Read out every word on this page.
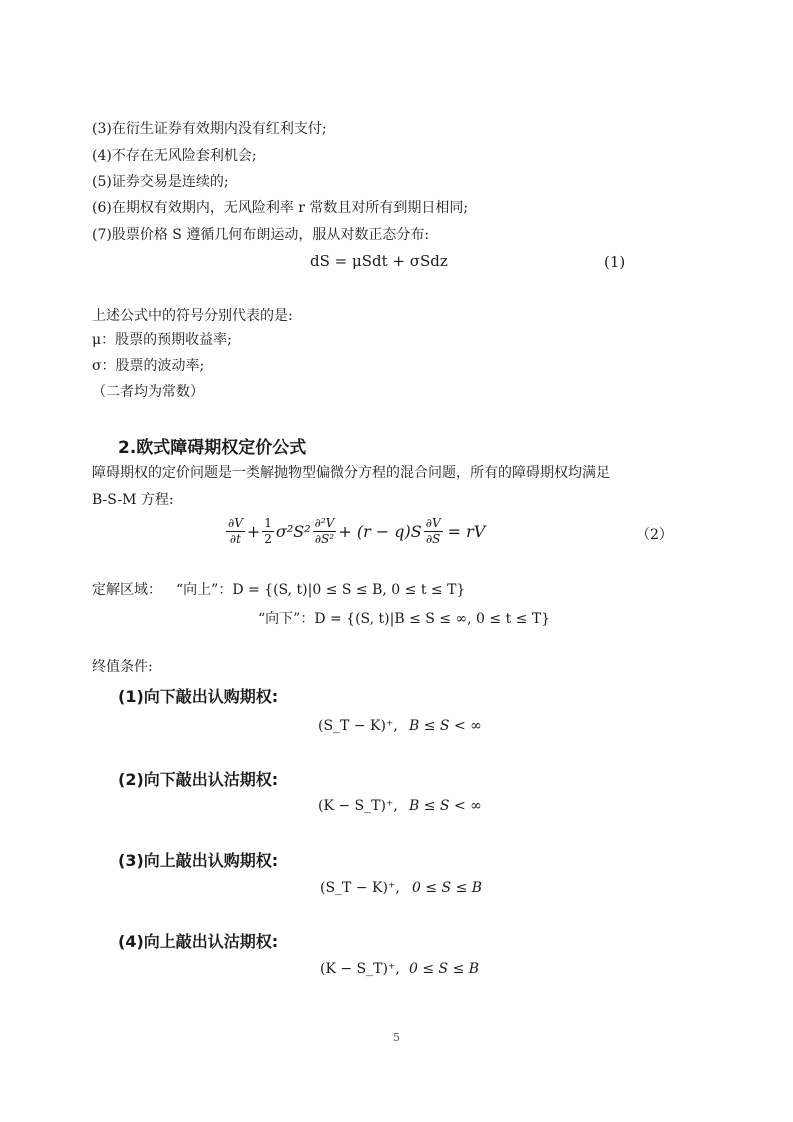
(3)在衍生证券有效期内没有红利支付;
(4)不存在无风险套利机会;
(5)证券交易是连续的;
(6)在期权有效期内，无风险利率 r 常数且对所有到期日相同;
(7)股票价格 S 遵循几何布朗运动，服从对数正态分布:
dS = μSdt + σSdz	(1)
上述公式中的符号分别代表的是:
μ：股票的预期收益率;
σ：股票的波动率;
（二者均为常数）
2.欧式障碍期权定价公式
障碍期权的定价问题是一类解抛物型偏微分方程的混合问题，所有的障碍期权均满足
B-S-M 方程:
$\frac{\partial V}{\partial t} + \frac{1}{2} \sigma^2S^2 \frac{\text{∂²V}}{\text{∂S²}} + (r - q)S \frac{\partial V}{\partial S}$ = rV	（2）
定解区域： “向上”：D = {(S, t)|0 ≤ S ≤ B, 0 ≤ t ≤ T}
“向下”：D = {(S, t)|B ≤ S ≤ ∞, 0 ≤ t ≤ T}
终值条件:
(1)向下敲出认购期权:
(S_T − K)⁺, B ≤ S < ∞
(2)向下敲出认沽期权:
(K − S_T)⁺, B ≤ S < ∞
(3)向上敲出认购期权:
(S_T − K)⁺, 0 ≤ S ≤ B
(4)向上敲出认沽期权:
(K − S_T)⁺, 0 ≤ S ≤ B
5
